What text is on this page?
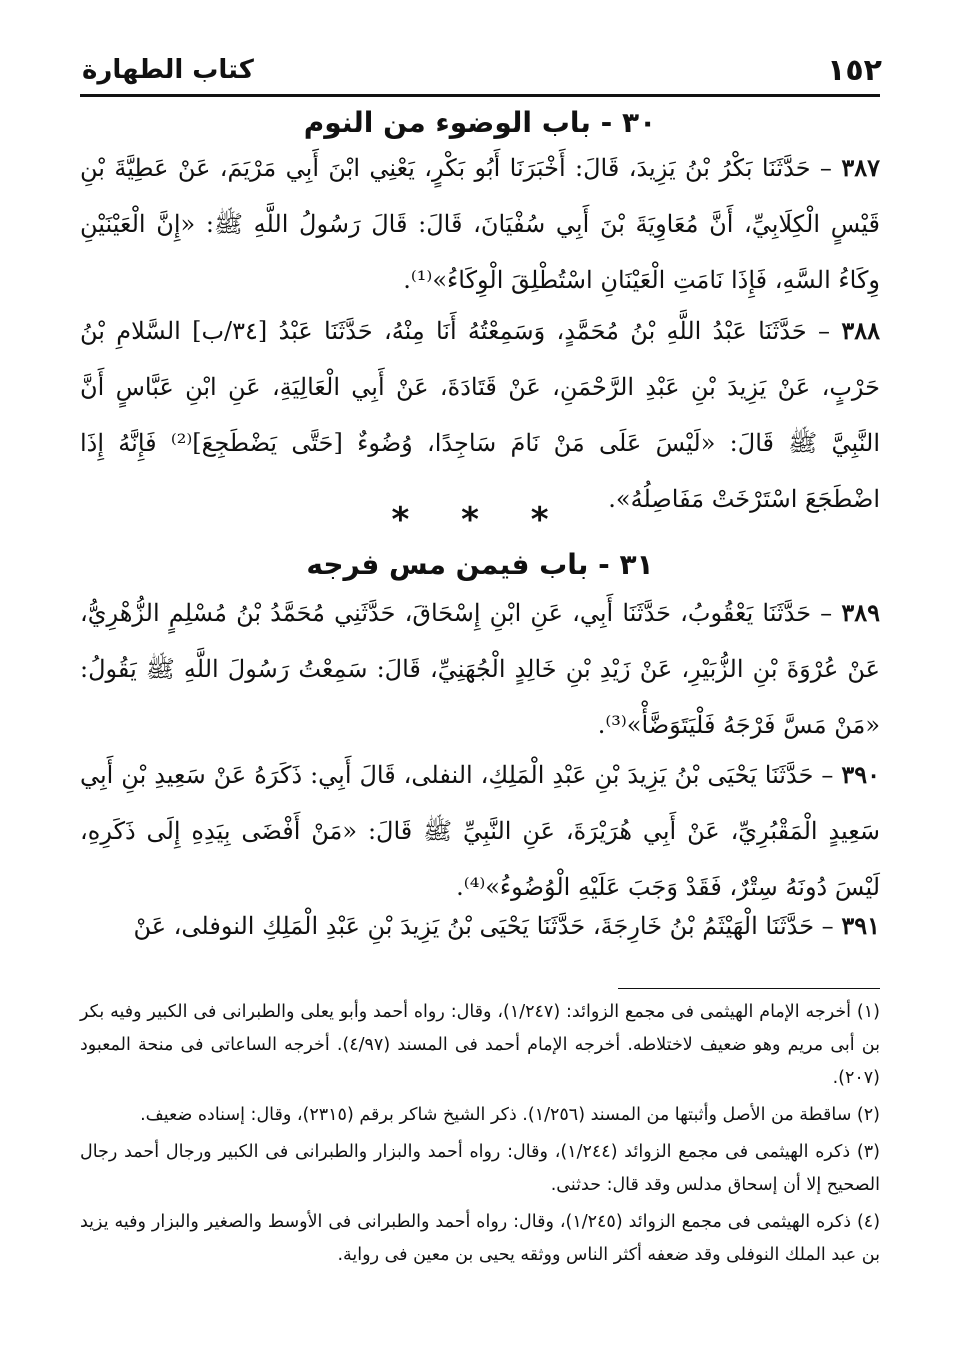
١٥٢
كتاب الطهارة
٣٠ - باب الوضوء من النوم

٣٨٧ – حَدَّثَنَا بَكْرُ بْنُ يَزِيدَ، قَالَ: أَخْبَرَنَا أَبُو بَكْرٍ، يَعْنِي ابْنَ أَبِي مَرْيَمَ، عَنْ عَطِيَّةَ بْنِ قَيْسٍ الْكِلَابِيِّ، أَنَّ مُعَاوِيَةَ بْنَ أَبِي سُفْيَانَ، قَالَ: قَالَ رَسُولُ اللَّهِ ﷺ: «إِنَّ الْعَيْنَيْنِ وِكَاءُ السَّهِ، فَإِذَا نَامَتِ الْعَيْنَانِ اسْتُطْلِقَ الْوِكَاءُ»⁽¹⁾.

٣٨٨ – حَدَّثَنَا عَبْدُ اللَّهِ بْنُ مُحَمَّدٍ، وَسَمِعْتُهُ أَنَا مِنْهُ، حَدَّثَنَا عَبْدُ [٣٤/ب] السَّلامِ بْنُ حَرْبٍ، عَنْ يَزِيدَ بْنِ عَبْدِ الرَّحْمَنِ، عَنْ قَتَادَةَ، عَنْ أَبِي الْعَالِيَةِ، عَنِ ابْنِ عَبَّاسٍ أَنَّ النَّبِيَّ ﷺ قَالَ: «لَيْسَ عَلَى مَنْ نَامَ سَاجِدًا، وُضُوءٌ [حَتَّى يَضْطَجِعَ]⁽²⁾ فَإِنَّهُ إِذَا اضْطَجَعَ اسْتَرْخَتْ مَفَاصِلُهُ».

* * *
٣١ - باب فيمن مس فرجه

٣٨٩ – حَدَّثَنَا يَعْقُوبُ، حَدَّثَنَا أَبِي، عَنِ ابْنِ إِسْحَاقَ، حَدَّثَنِي مُحَمَّدُ بْنُ مُسْلِمٍ الزُّهْرِيُّ، عَنْ عُرْوَةَ بْنِ الزُّبَيْرِ، عَنْ زَيْدِ بْنِ خَالِدٍ الْجُهَنِيِّ، قَالَ: سَمِعْتُ رَسُولَ اللَّهِ ﷺ يَقُولُ: «مَنْ مَسَّ فَرْجَهُ فَلْيَتَوَضَّأْ»⁽³⁾.

٣٩٠ – حَدَّثَنَا يَحْيَى بْنُ يَزِيدَ بْنِ عَبْدِ الْمَلِكِ، النفلى، قَالَ أَبِي: ذَكَرَهُ عَنْ سَعِيدِ بْنِ أَبِي سَعِيدٍ الْمَقْبُرِيِّ، عَنْ أَبِي هُرَيْرَةَ، عَنِ النَّبِيِّ ﷺ قَالَ: «مَنْ أَفْضَى بِيَدِهِ إِلَى ذَكَرِهِ، لَيْسَ دُونَهُ سِتْرٌ، فَقَدْ وَجَبَ عَلَيْهِ الْوُضُوءُ»⁽⁴⁾.

٣٩١ – حَدَّثَنَا الْهَيْثَمُ بْنُ خَارِجَةَ، حَدَّثَنَا يَحْيَى بْنُ يَزِيدَ بْنِ عَبْدِ الْمَلِكِ النوفلى، عَنْ

(١) أخرجه الإمام الهيثمى فى مجمع الزوائد: (١/٢٤٧)، وقال: رواه أحمد وأبو يعلى والطبرانى فى الكبير وفيه بكر بن أبى مريم وهو ضعيف لاختلاطه. أخرجه الإمام أحمد فى المسند (٤/٩٧). أخرجه الساعاتى فى منحة المعبود (٢٠٧).

(٢) ساقطة من الأصل وأثبتها من المسند (١/٢٥٦). ذكر الشيخ شاكر برقم (٢٣١٥)، وقال: إسناده ضعيف.

(٣) ذكره الهيثمى فى مجمع الزوائد (١/٢٤٤)، وقال: رواه أحمد والبزار والطبرانى فى الكبير ورجال أحمد رجال الصحيح إلا أن إسحاق مدلس وقد قال: حدثنى.

(٤) ذكره الهيثمى فى مجمع الزوائد (١/٢٤٥)، وقال: رواه أحمد والطبرانى فى الأوسط والصغير والبزار وفيه يزيد بن عبد الملك النوفلى وقد ضعفه أكثر الناس ووثقه يحيى بن معين فى رواية.
